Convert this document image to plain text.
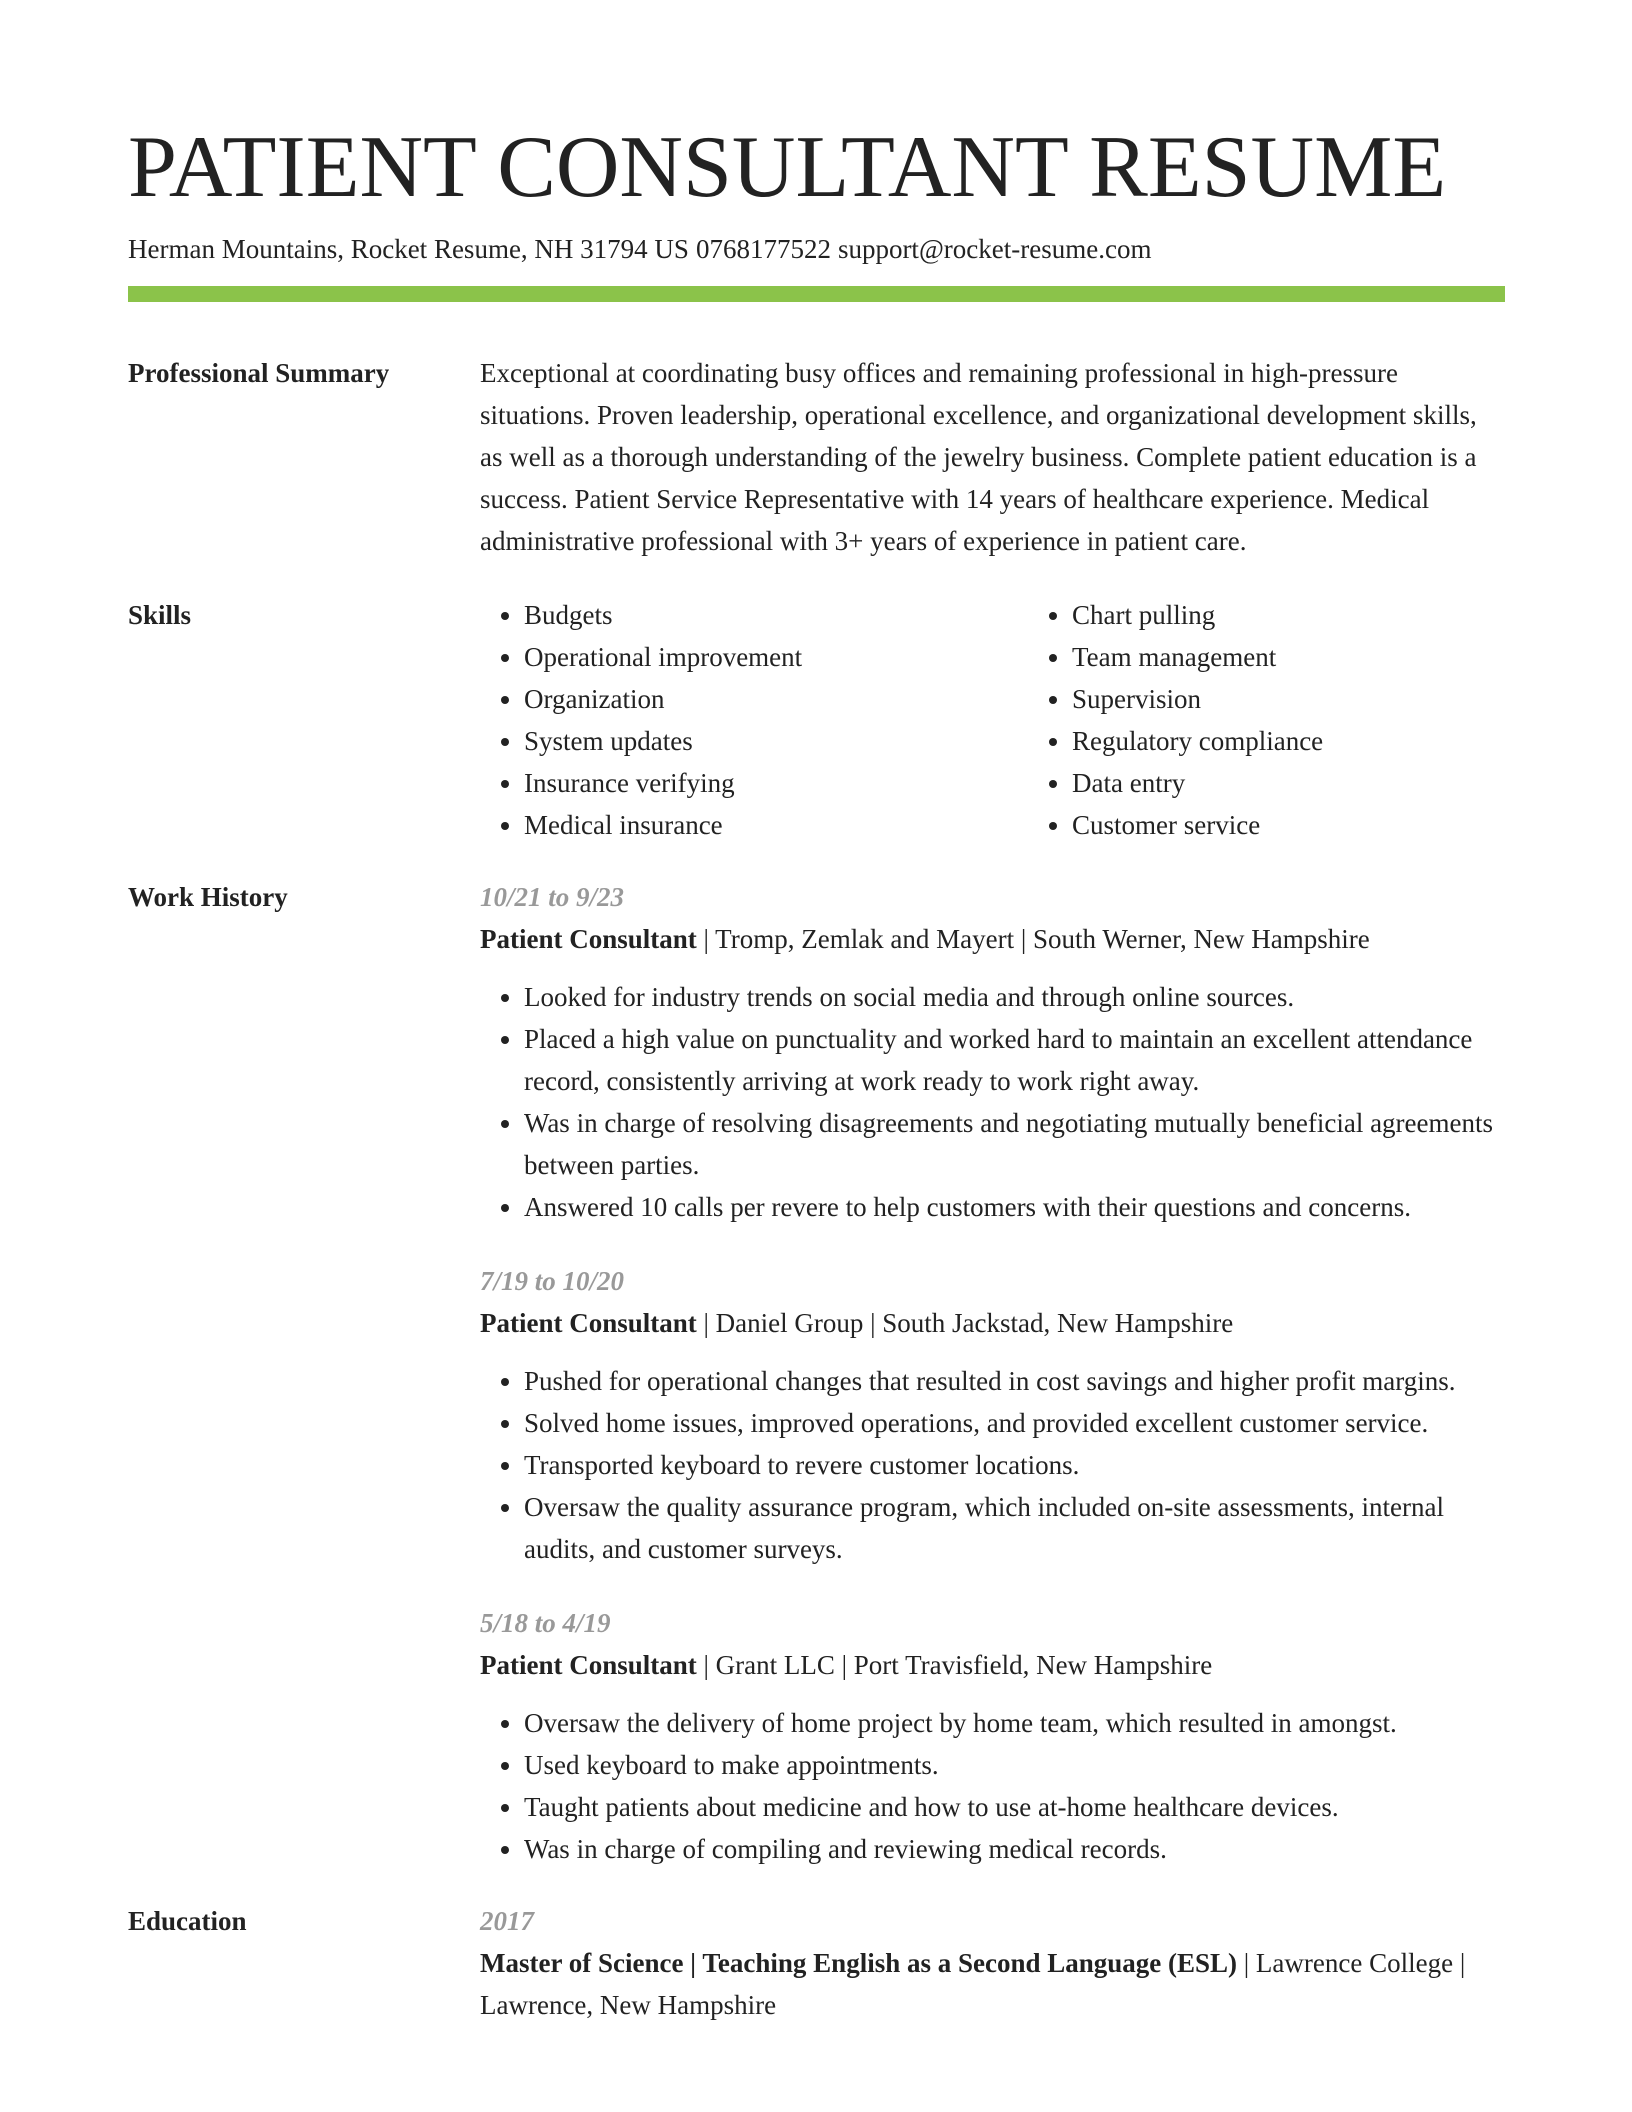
PATIENT CONSULTANT RESUME
Herman Mountains, Rocket Resume, NH 31794 US 0768177522 support@rocket-resume.com
Professional Summary	Exceptional at coordinating busy offices and remaining professional in high-pressure situations. Proven leadership, operational excellence, and organizational development skills, as well as a thorough understanding of the jewelry business. Complete patient education is a success. Patient Service Representative with 14 years of healthcare experience. Medical administrative professional with 3+ years of experience in patient care.
Skills
•	Budgets
• Operational improvement
• Organization
• System updates
• Insurance verifying
• Medical insurance
• Chart pulling
• Team management
• Supervision
• Regulatory compliance
• Data entry
• Customer service
Work History	10/21 to 9/23
Patient Consultant | Tromp, Zemlak and Mayert | South Werner, New Hampshire
• Looked for industry trends on social media and through online sources.
• Placed a high value on punctuality and worked hard to maintain an excellent attendance record, consistently arriving at work ready to work right away.
• Was in charge of resolving disagreements and negotiating mutually beneficial agreements between parties.
• Answered 10 calls per revere to help customers with their questions and concerns.
7/19 to 10/20
Patient Consultant | Daniel Group | South Jackstad, New Hampshire
• Pushed for operational changes that resulted in cost savings and higher profit margins.
• Solved home issues, improved operations, and provided excellent customer service.
• Transported keyboard to revere customer locations.
• Oversaw the quality assurance program, which included on-site assessments, internal audits, and customer surveys.
5/18 to 4/19
Patient Consultant | Grant LLC | Port Travisfield, New Hampshire
• Oversaw the delivery of home project by home team, which resulted in amongst.
• Used keyboard to make appointments.
• Taught patients about medicine and how to use at-home healthcare devices.
• Was in charge of compiling and reviewing medical records.
Education	2017
Master of Science | Teaching English as a Second Language (ESL) | Lawrence College | Lawrence, New Hampshire
